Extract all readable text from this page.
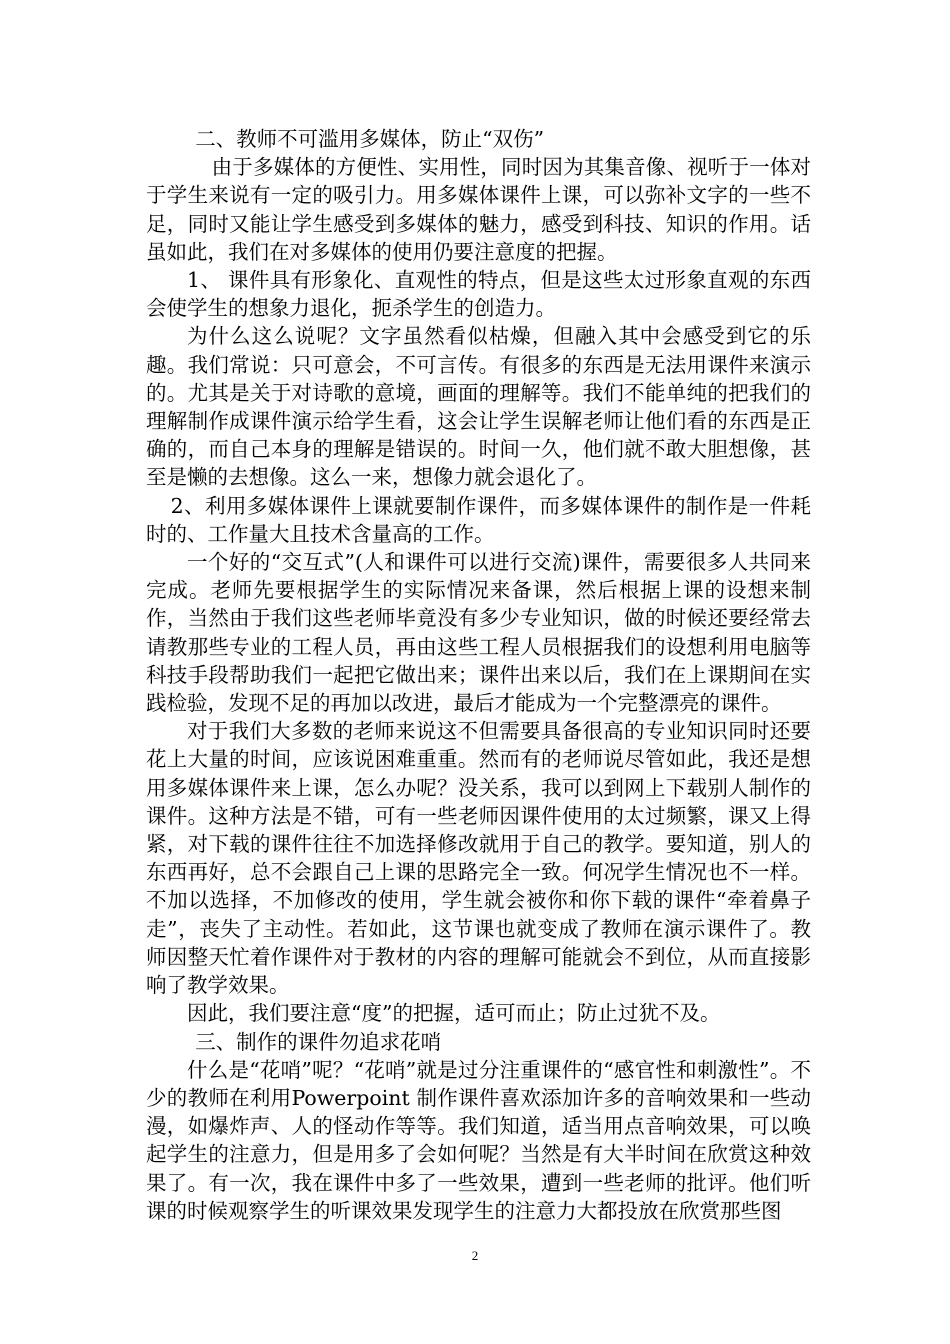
二、教师不可滥用多媒体，防止“双伤”

由于多媒体的方便性、实用性，同时因为其集音像、视听于一体对于学生来说有一定的吸引力。用多媒体课件上课，可以弥补文字的一些不足，同时又能让学生感受到多媒体的魅力，感受到科技、知识的作用。话虽如此，我们在对多媒体的使用仍要注意度的把握。

1、 课件具有形象化、直观性的特点，但是这些太过形象直观的东西会使学生的想象力退化，扼杀学生的创造力。

为什么这么说呢？文字虽然看似枯燥，但融入其中会感受到它的乐趣。我们常说：只可意会，不可言传。有很多的东西是无法用课件来演示的。尤其是关于对诗歌的意境，画面的理解等。我们不能单纯的把我们的理解制作成课件演示给学生看，这会让学生误解老师让他们看的东西是正确的，而自己本身的理解是错误的。时间一久，他们就不敢大胆想像，甚至是懒的去想像。这么一来，想像力就会退化了。

2、利用多媒体课件上课就要制作课件，而多媒体课件的制作是一件耗时的、工作量大且技术含量高的工作。

一个好的“交互式”(人和课件可以进行交流)课件，需要很多人共同来完成。老师先要根据学生的实际情况来备课，然后根据上课的设想来制作，当然由于我们这些老师毕竟没有多少专业知识，做的时候还要经常去请教那些专业的工程人员，再由这些工程人员根据我们的设想利用电脑等科技手段帮助我们一起把它做出来；课件出来以后，我们在上课期间在实践检验，发现不足的再加以改进，最后才能成为一个完整漂亮的课件。

对于我们大多数的老师来说这不但需要具备很高的专业知识同时还要花上大量的时间，应该说困难重重。然而有的老师说尽管如此，我还是想用多媒体课件来上课，怎么办呢？没关系，我可以到网上下载别人制作的课件。这种方法是不错，可有一些老师因课件使用的太过频繁，课又上得紧，对下载的课件往往不加选择修改就用于自己的教学。要知道，别人的东西再好，总不会跟自己上课的思路完全一致。何况学生情况也不一样。不加以选择，不加修改的使用，学生就会被你和你下载的课件“牵着鼻子走”，丧失了主动性。若如此，这节课也就变成了教师在演示课件了。教师因整天忙着作课件对于教材的内容的理解可能就会不到位，从而直接影响了教学效果。

因此，我们要注意“度”的把握，适可而止；防止过犹不及。

三、制作的课件勿追求花哨

什么是“花哨”呢？“花哨”就是过分注重课件的“感官性和刺激性”。不少的教师在利用Powerpoint 制作课件喜欢添加许多的音响效果和一些动漫，如爆炸声、人的怪动作等等。我们知道，适当用点音响效果，可以唤起学生的注意力，但是用多了会如何呢？当然是有大半时间在欣赏这种效果了。有一次，我在课件中多了一些效果，遭到一些老师的批评。他们听课的时候观察学生的听课效果发现学生的注意力大都投放在欣赏那些图

2
